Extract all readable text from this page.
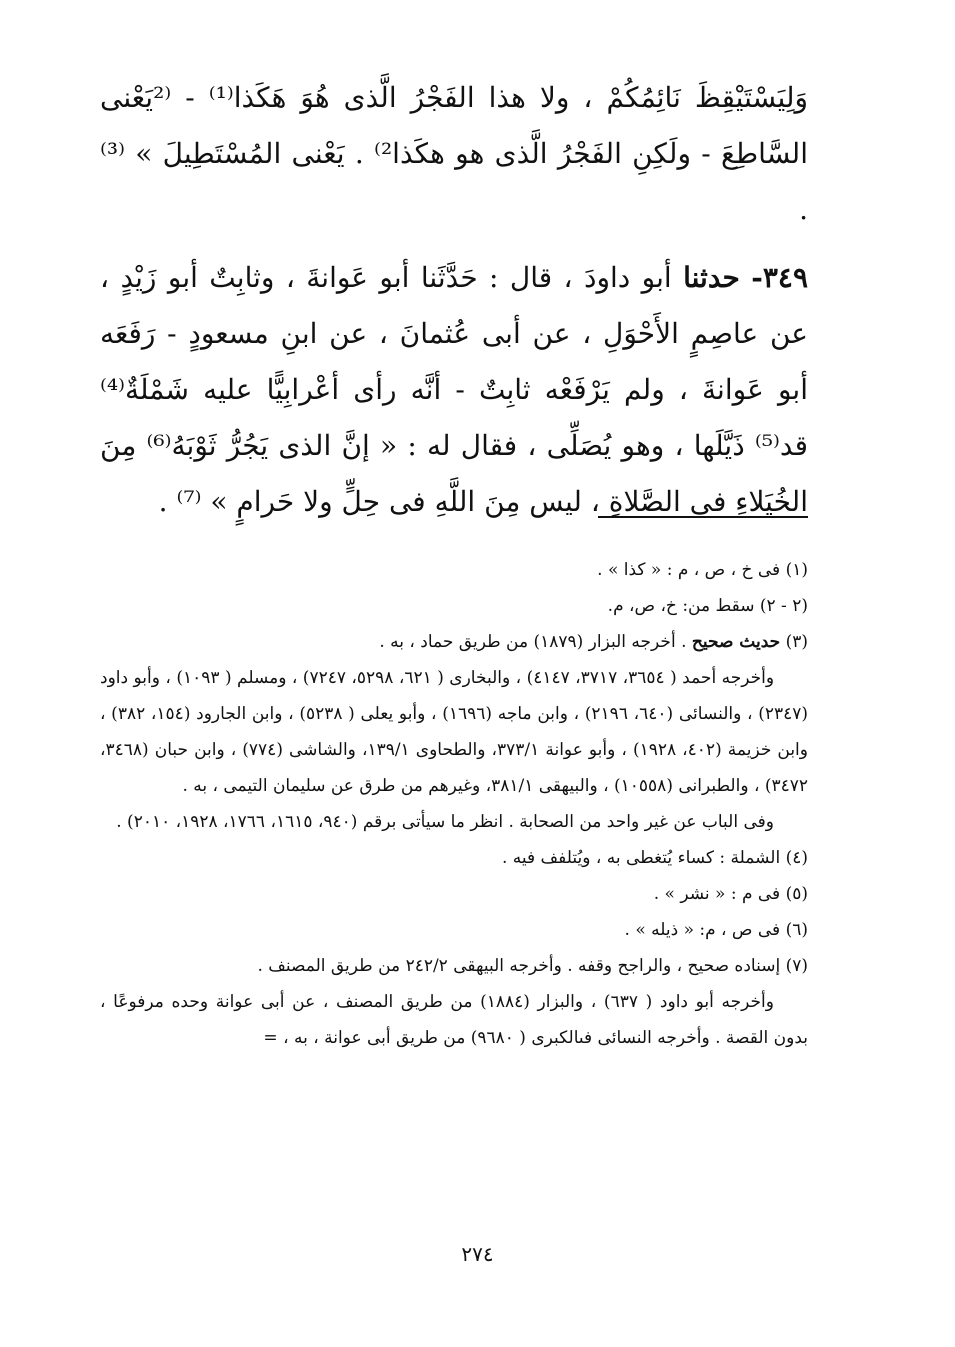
وَلِيَسْتَيْقِظَ نَائِمُكُمْ ، ولا هذا الفَجْرُ الَّذى هُوَ هَكَذا⁽¹⁾ - ⁽²يَعْنى السَّاطِعَ - ولَكِنِ الفَجْرُ الَّذى هو هكَذا²⁾ . يَعْنى المُسْتَطِيلَ » ⁽³⁾ .

٣٤٩- حدثنا أبو داودَ ، قال : حَدَّثَنا أبو عَوانةَ ، وثابِتٌ أبو زَيْدٍ ، عن عاصِمٍ الأَحْوَلِ ، عن أبى عُثمانَ ، عن ابنِ مسعودٍ - رَفَعَه أبو عَوانةَ ، ولم يَرْفَعْه ثابِتٌ - أنَّه رأى أعْرابِيًّا عليه شَمْلَةٌ⁽⁴⁾ قد⁽⁵⁾ ذَيَّلَها ، وهو يُصَلِّى ، فقال له : « إنَّ الذى يَجُرُّ ثَوْبَهُ⁽⁶⁾ مِنَ الخُيَلاءِ فى الصَّلاةِ ، ليس مِنَ اللَّهِ فى حِلٍّ ولا حَرامٍ » ⁽⁷⁾ .

(١) فى خ ، ص ، م : « كذا » .

(٢ - ٢) سقط من: خ، ص، م.

(٣) حديث صحيح . أخرجه البزار (١٨٧٩) من طريق حماد ، به .

وأخرجه أحمد ( ٣٦٥٤، ٣٧١٧، ٤١٤٧) ، والبخارى ( ٦٢١، ٥٢٩٨، ٧٢٤٧) ، ومسلم ( ١٠٩٣) ، وأبو داود (٢٣٤٧) ، والنسائى (٦٤٠، ٢١٩٦) ، وابن ماجه (١٦٩٦) ، وأبو يعلى ( ٥٢٣٨) ، وابن الجارود (١٥٤، ٣٨٢) ، وابن خزيمة (٤٠٢، ١٩٢٨) ، وأبو عوانة ٣٧٣/١، والطحاوى ١٣٩/١، والشاشى (٧٧٤) ، وابن حبان (٣٤٦٨، ٣٤٧٢) ، والطبرانى (١٠٥٥٨) ، والبيهقى ٣٨١/١، وغيرهم من طرق عن سليمان التيمى ، به .

وفى الباب عن غير واحد من الصحابة . انظر ما سيأتى برقم (٩٤٠، ١٦١٥، ١٧٦٦، ١٩٢٨، ٢٠١٠) .

(٤) الشملة : كساء يُتغطى به ، ويُتلفف فيه .

(٥) فى م : « نشر » .

(٦) فى ص ، م: « ذيله » .

(٧) إسناده صحيح ، والراجح وقفه . وأخرجه البيهقى ٢٤٢/٢ من طريق المصنف .

وأخرجه أبو داود ( ٦٣٧) ، والبزار (١٨٨٤) من طريق المصنف ، عن أبى عوانة وحده مرفوعًا ، بدون القصة . وأخرجه النسائى فىالكبرى ( ٩٦٨٠) من طريق أبى عوانة ، به ، =

٢٧٤
